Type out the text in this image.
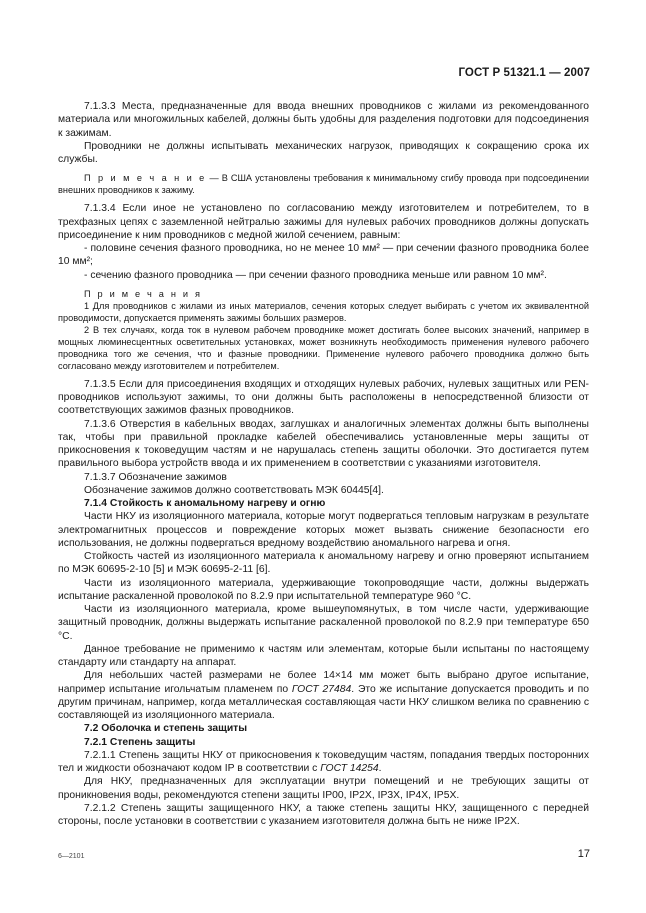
ГОСТ Р 51321.1 — 2007

7.1.3.3 Места, предназначенные для ввода внешних проводников с жилами из рекомендованного материала или многожильных кабелей, должны быть удобны для разделения подготовки для подсоединения к зажимам.

Проводники не должны испытывать механических нагрузок, приводящих к сокращению срока их службы.

П р и м е ч а н и е — В США установлены требования к минимальному сгибу провода при подсоединении внешних проводников к зажиму.

7.1.3.4 Если иное не установлено по согласованию между изготовителем и потребителем, то в трехфазных цепях с заземленной нейтралью зажимы для нулевых рабочих проводников должны допускать присоединение к ним проводников с медной жилой сечением, равным:

- половине сечения фазного проводника, но не менее 10 мм² — при сечении фазного проводника более 10 мм²;

- сечению фазного проводника — при сечении фазного проводника меньше или равном 10 мм².

П р и м е ч а н и я

1 Для проводников с жилами из иных материалов, сечения которых следует выбирать с учетом их эквивалентной проводимости, допускается применять зажимы больших размеров.

2 В тех случаях, когда ток в нулевом рабочем проводнике может достигать более высоких значений, например в мощных люминесцентных осветительных установках, может возникнуть необходимость применения нулевого рабочего проводника того же сечения, что и фазные проводники. Применение нулевого рабочего проводника должно быть согласовано между изготовителем и потребителем.

7.1.3.5 Если для присоединения входящих и отходящих нулевых рабочих, нулевых защитных или PEN-проводников используют зажимы, то они должны быть расположены в непосредственной близости от соответствующих зажимов фазных проводников.

7.1.3.6 Отверстия в кабельных вводах, заглушках и аналогичных элементах должны быть выполнены так, чтобы при правильной прокладке кабелей обеспечивались установленные меры защиты от прикосновения к токоведущим частям и не нарушалась степень защиты оболочки. Это достигается путем правильного выбора устройств ввода и их применением в соответствии с указаниями изготовителя.

7.1.3.7 Обозначение зажимов

Обозначение зажимов должно соответствовать МЭК 60445[4].

7.1.4 Стойкость к аномальному нагреву и огню

Части НКУ из изоляционного материала, которые могут подвергаться тепловым нагрузкам в результате электромагнитных процессов и повреждение которых может вызвать снижение безопасности его использования, не должны подвергаться вредному воздействию аномального нагрева и огня.

Стойкость частей из изоляционного материала к аномальному нагреву и огню проверяют испытанием по МЭК 60695-2-10 [5] и МЭК 60695-2-11 [6].

Части из изоляционного материала, удерживающие токопроводящие части, должны выдержать испытание раскаленной проволокой по 8.2.9 при испытательной температуре 960 °C.

Части из изоляционного материала, кроме вышеупомянутых, в том числе части, удерживающие защитный проводник, должны выдержать испытание раскаленной проволокой по 8.2.9 при температуре 650 °C.

Данное требование не применимо к частям или элементам, которые были испытаны по настоящему стандарту или стандарту на аппарат.

Для небольших частей размерами не более 14×14 мм может быть выбрано другое испытание, например испытание игольчатым пламенем по ГОСТ 27484. Это же испытание допускается проводить и по другим причинам, например, когда металлическая составляющая части НКУ слишком велика по сравнению с составляющей из изоляционного материала.

7.2 Оболочка и степень защиты

7.2.1 Степень защиты

7.2.1.1 Степень защиты НКУ от прикосновения к токоведущим частям, попадания твердых посторонних тел и жидкости обозначают кодом IP в соответствии с ГОСТ 14254.

Для НКУ, предназначенных для эксплуатации внутри помещений и не требующих защиты от проникновения воды, рекомендуются степени защиты IP00, IP2X, IP3X, IP4X, IP5X.

7.2.1.2 Степень защиты защищенного НКУ, а также степень защиты НКУ, защищенного с передней стороны, после установки в соответствии с указанием изготовителя должна быть не ниже IP2X.

6—2101	17
